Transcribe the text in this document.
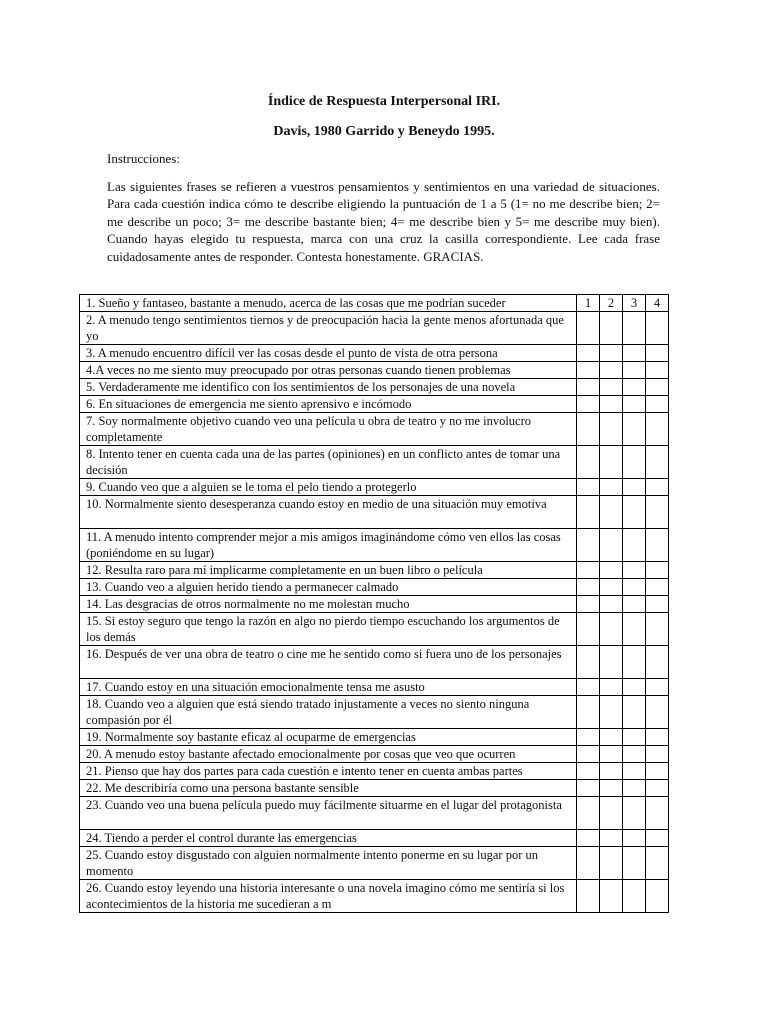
Índice de Respuesta Interpersonal IRI.
Davis, 1980 Garrido y Beneydo 1995.
Instrucciones:
Las siguientes frases se refieren a vuestros pensamientos y sentimientos en una variedad de situaciones. Para cada cuestión indica cómo te describe eligiendo la puntuación de 1 a 5 (1= no me describe bien; 2= me describe un poco; 3= me describe bastante bien; 4= me describe bien y 5= me describe muy bien). Cuando hayas elegido tu respuesta, marca con una cruz la casilla correspondiente. Lee cada frase cuidadosamente antes de responder. Contesta honestamente. GRACIAS.
1. Sueño y fantaseo, bastante a menudo, acerca de las cosas que me podrían suceder	1	2	3	4
2. A menudo tengo sentimientos tiernos y de preocupación hacia la gente menos afortunada que yo				
3. A menudo encuentro difícil ver las cosas desde el punto de vista de otra persona				
4.A veces no me siento muy preocupado por otras personas cuando tienen problemas				
5. Verdaderamente me identifico con los sentimientos de los personajes de una novela				
6. En situaciones de emergencia me siento aprensivo e incómodo				
7. Soy normalmente objetivo cuando veo una película u obra de teatro y no me involucro completamente				
8. Intento tener en cuenta cada una de las partes (opiniones) en un conflicto antes de tomar una decisión				
9. Cuando veo que a alguien se le toma el pelo tiendo a protegerlo				
10. Normalmente siento desesperanza cuando estoy en medio de una situación muy emotiva				
11. A menudo intento comprender mejor a mis amigos imaginándome cómo ven ellos las cosas (poniéndome en su lugar)				
12. Resulta raro para mí implicarme completamente en un buen libro o película				
13. Cuando veo a alguien herido tiendo a permanecer calmado				
14. Las desgracias de otros normalmente no me molestan mucho				
15. Si estoy seguro que tengo la razón en algo no pierdo tiempo escuchando los argumentos de los demás				
16. Después de ver una obra de teatro o cine me he sentido como si fuera uno de los personajes				
17. Cuando estoy en una situación emocionalmente tensa me asusto				
18. Cuando veo a alguien que está siendo tratado injustamente a veces no siento ninguna compasión por él				
19. Normalmente soy bastante eficaz al ocuparme de emergencias				
20. A menudo estoy bastante afectado emocionalmente por cosas que veo que ocurren				
21. Pienso que hay dos partes para cada cuestión e intento tener en cuenta ambas partes				
22. Me describiría como una persona bastante sensible				
23. Cuando veo una buena película puedo muy fácilmente situarme en el lugar del protagonista				
24. Tiendo a perder el control durante las emergencias				
25. Cuando estoy disgustado con alguien normalmente intento ponerme en su lugar por un momento				
26. Cuando estoy leyendo una historia interesante o una novela imagino cómo me sentiría si los acontecimientos de la historia me sucedieran a m				
